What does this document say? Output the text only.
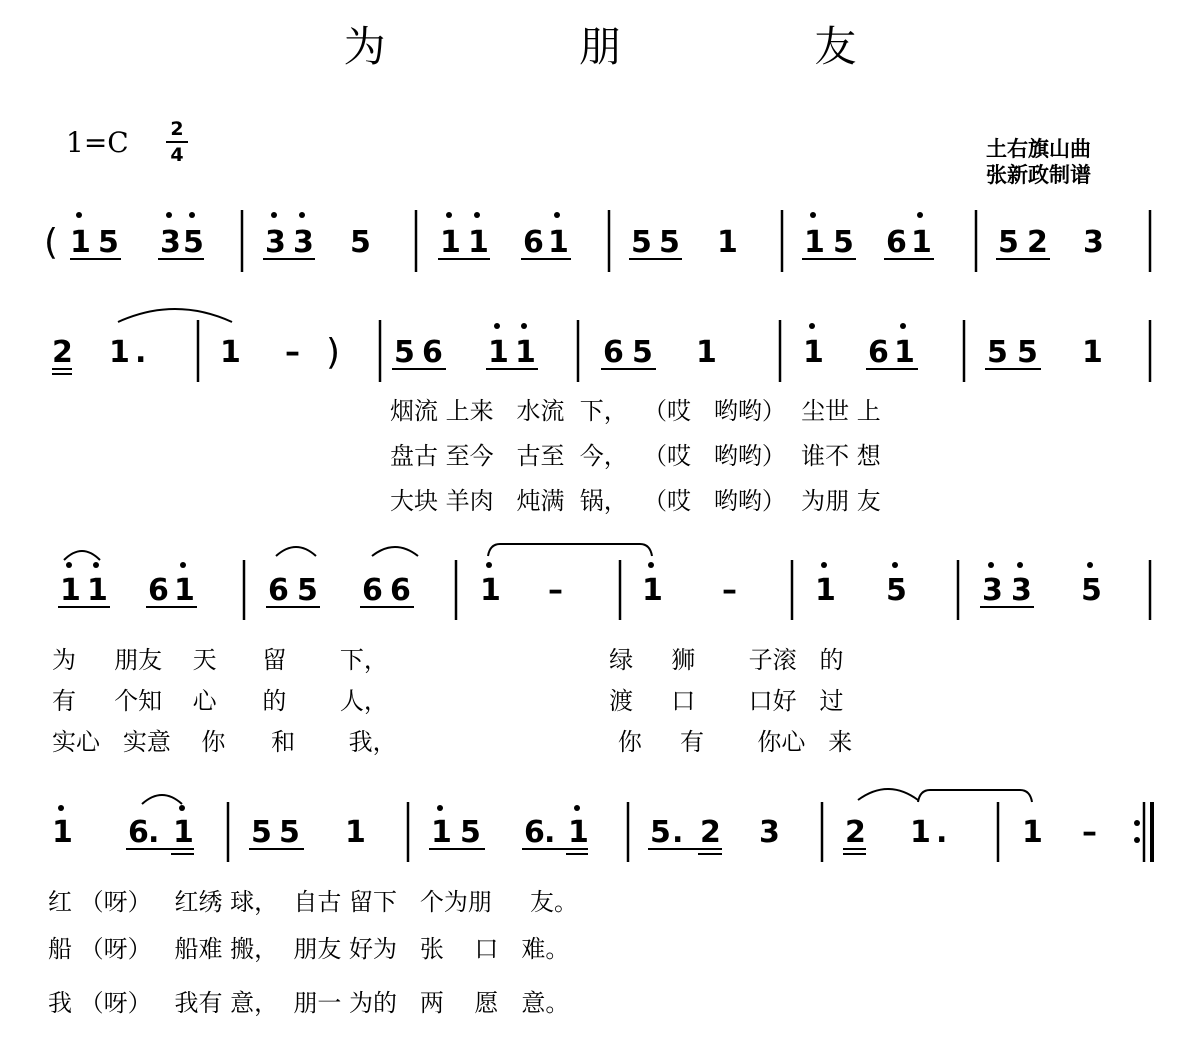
为 朋 友
1=C 2
4	土右旗山曲
张新政制谱
( 1 5 3 5 3 3 5 1 1 6 1 5 5 1 1 5 6 1 5 2 3
2 1 . 1 – ) 5 6 1 1 6 5 1	1 6 1 5 5 1
1 1 6 1 6 5 6 6 1 –	1 –	1 5	3 3 5
1 6 . 1 5 5 1 1 5 6 . 1 5 . 2 3 2 1 . 1 –
烟流 上来   水流  下，  （哎   哟哟）  尘世 上
盘古 至今   古至  今，  （哎   哟哟）  谁不 想
大块 羊肉   炖满  锅，  （哎   哟哟）  为朋 友
为     朋友    天      留       下，                             绿     狮       子滚   的
有     个知    心      的       人，                             渡     口       口好   过
实心   实意    你      和       我，                             你     有       你心   来
红 （呀）   红绣 球，  自古 留下   个为朋     友。
船 （呀）   船难 搬，  朋友 好为   张    口   难。
我 （呀）   我有 意，  朋一 为的   两    愿   意。
